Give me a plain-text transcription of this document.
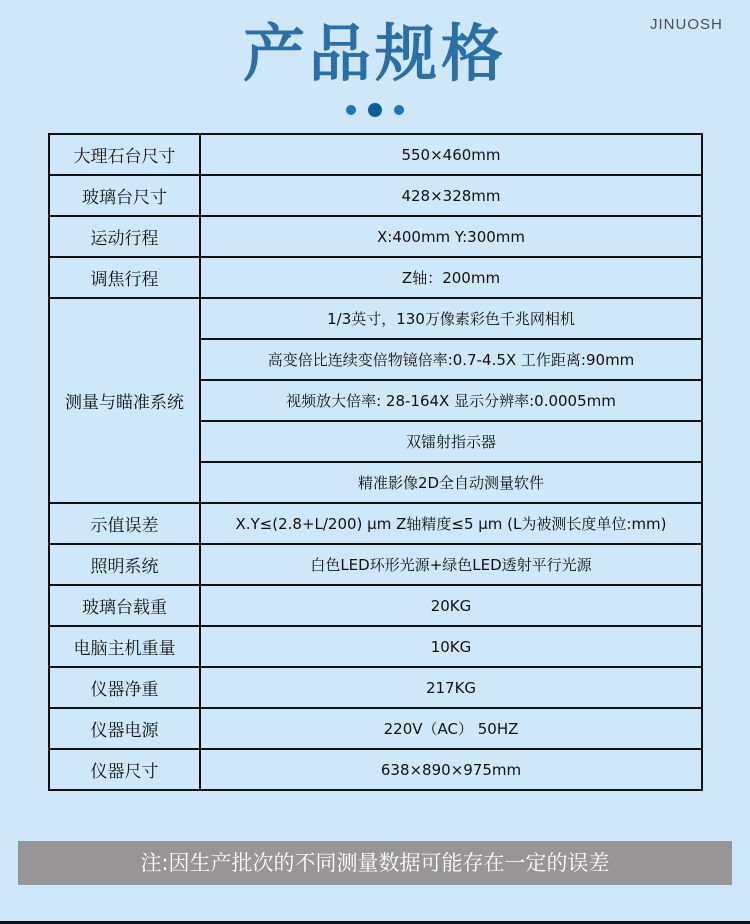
JINUOSH
产品规格
大理石台尺寸	550×460mm
玻璃台尺寸	428×328mm
运动行程	X:400mm Y:300mm
调焦行程	Z轴：200mm
测量与瞄准系统	1/3英寸，130万像素彩色千兆网相机
	高变倍比连续变倍物镜倍率:0.7-4.5X 工作距离:90mm
	视频放大倍率: 28-164X 显示分辨率:0.0005mm
	双镭射指示器
	精准影像2D全自动测量软件
示值误差	X.Y≤(2.8+L/200) µm Z轴精度≤5 µm (L为被测长度单位:mm)
照明系统	白色LED环形光源+绿色LED透射平行光源
玻璃台载重	20KG
电脑主机重量	10KG
仪器净重	217KG
仪器电源	220V（AC） 50HZ
仪器尺寸	638×890×975mm
注:因生产批次的不同测量数据可能存在一定的误差
